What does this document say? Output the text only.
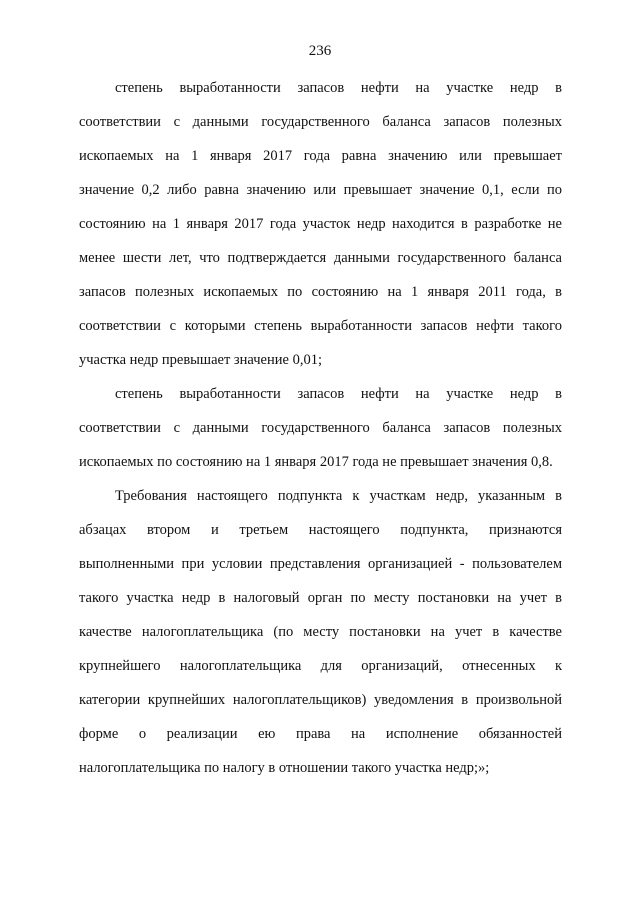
236
степень выработанности запасов нефти на участке недр в
соответствии с данными государственного баланса запасов полезных
ископаемых на 1 января 2017 года равна значению или превышает
значение 0,2 либо равна значению или превышает значение 0,1, если по
состоянию на 1 января 2017 года участок недр находится в разработке не
менее шести лет, что подтверждается данными государственного баланса
запасов полезных ископаемых по состоянию на 1 января 2011 года, в
соответствии с которыми степень выработанности запасов нефти такого
участка недр превышает значение 0,01;
степень выработанности запасов нефти на участке недр в
соответствии с данными государственного баланса запасов полезных
ископаемых по состоянию на 1 января 2017 года не превышает значения 0,8.
Требования настоящего подпункта к участкам недр, указанным в
абзацах втором и третьем настоящего подпункта, признаются
выполненными при условии представления организацией - пользователем
такого участка недр в налоговый орган по месту постановки на учет в
качестве налогоплательщика (по месту постановки на учет в качестве
крупнейшего налогоплательщика для организаций, отнесенных к
категории крупнейших налогоплательщиков) уведомления в произвольной
форме о реализации ею права на исполнение обязанностей
налогоплательщика по налогу в отношении такого участка недр;»;
